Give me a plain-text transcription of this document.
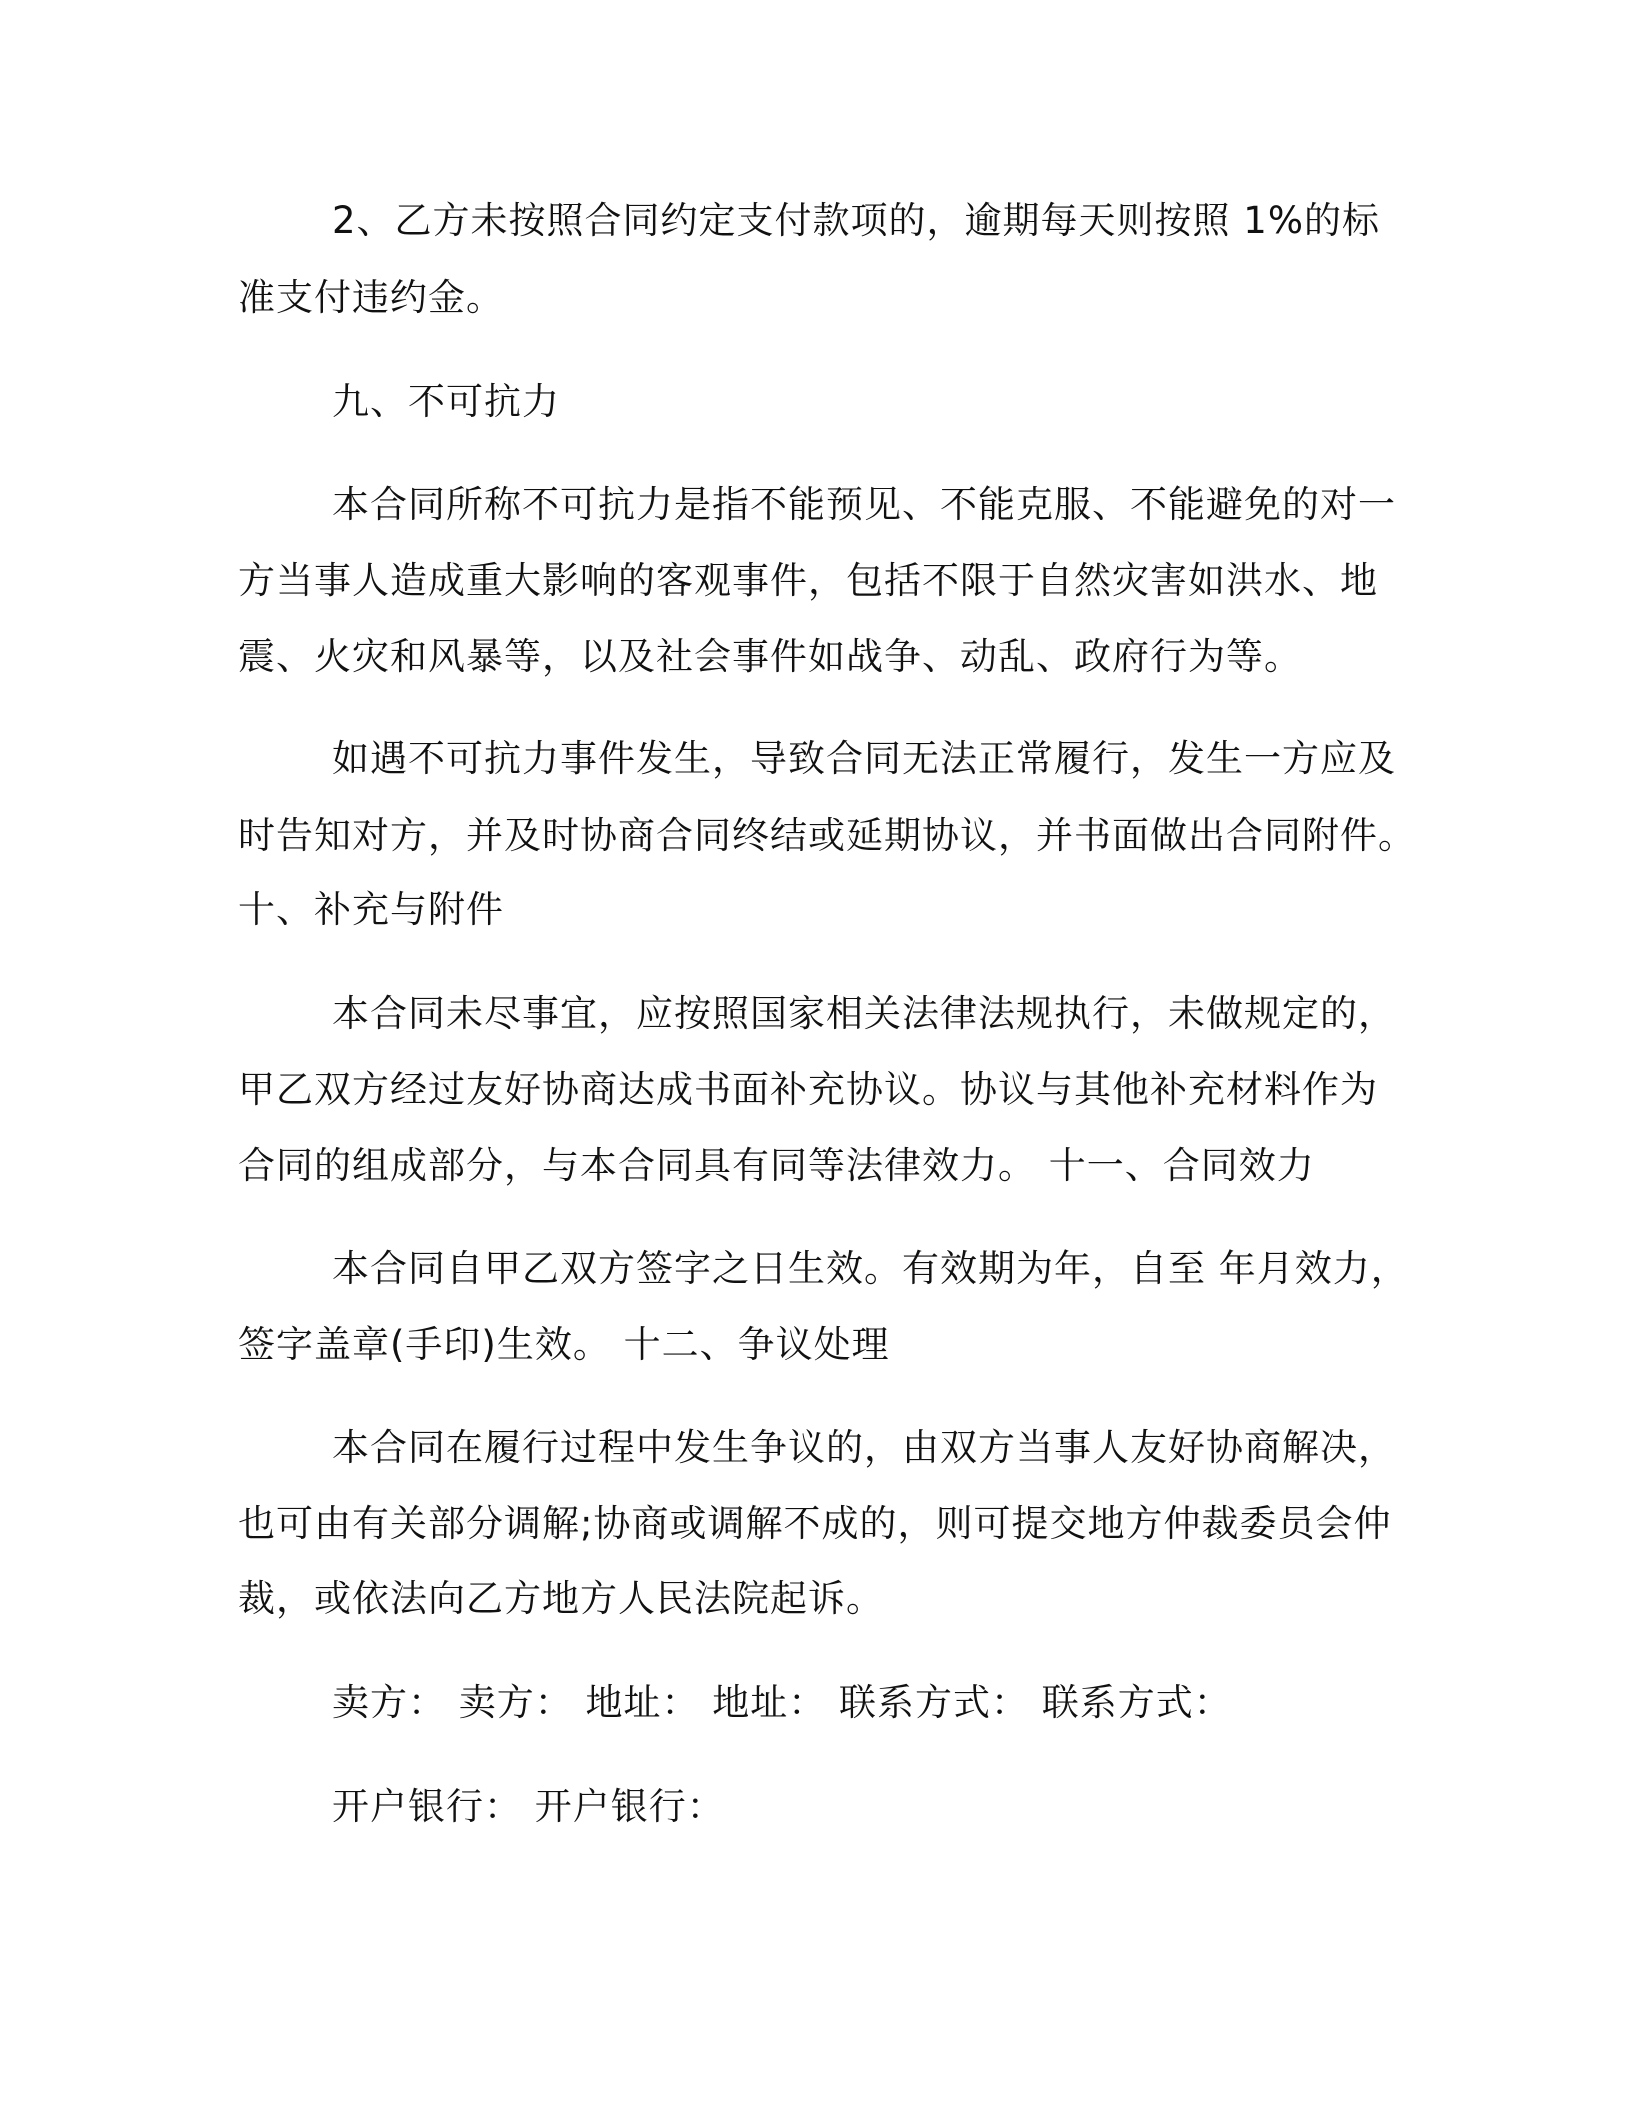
2、乙方未按照合同约定支付款项的，逾期每天则按照 1%的标
准支付违约金。
九、不可抗力
本合同所称不可抗力是指不能预见、不能克服、不能避免的对一
方当事人造成重大影响的客观事件，包括不限于自然灾害如洪水、地
震、火灾和风暴等，以及社会事件如战争、动乱、政府行为等。
如遇不可抗力事件发生，导致合同无法正常履行，发生一方应及
时告知对方，并及时协商合同终结或延期协议，并书面做出合同附件。
十、补充与附件
本合同未尽事宜，应按照国家相关法律法规执行，未做规定的，
甲乙双方经过友好协商达成书面补充协议。协议与其他补充材料作为
合同的组成部分，与本合同具有同等法律效力。 十一、合同效力
本合同自甲乙双方签字之日生效。有效期为年，自至 年月效力，
签字盖章(手印)生效。 十二、争议处理
本合同在履行过程中发生争议的，由双方当事人友好协商解决，
也可由有关部分调解;协商或调解不成的，则可提交地方仲裁委员会仲
裁，或依法向乙方地方人民法院起诉。
卖方： 卖方： 地址： 地址： 联系方式： 联系方式：
开户银行： 开户银行：
